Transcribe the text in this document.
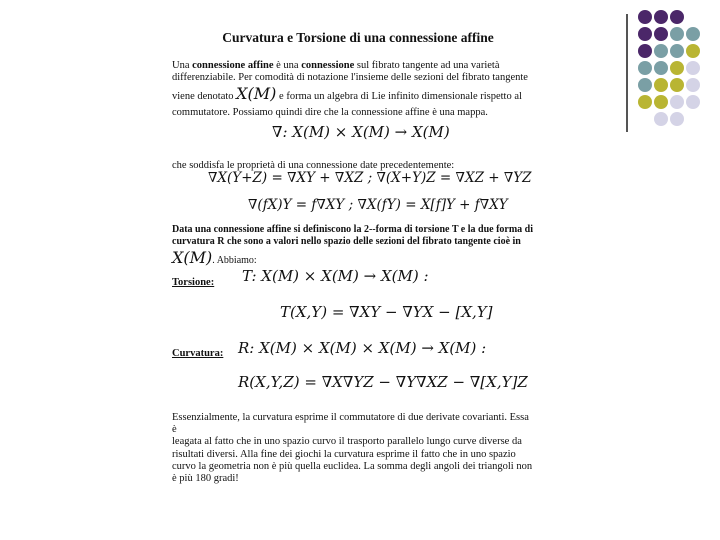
Curvatura e Torsione di una connessione affine

Una connessione affine è una connessione sul fibrato tangente ad una varietà

differenziabile. Per comodità di notazione l'insieme delle sezioni del fibrato tangente

viene denotato X(M) e forma un algebra di Lie infinito dimensionale rispetto al

commutatore. Possiamo quindi dire che la connessione affine è una mappa.

∇: X(M) × X(M) → X(M)
che soddisfa le proprietà di una connessione date precedentemente:
∇X(Y+Z) = ∇XY + ∇XZ ; ∇(X+Y)Z = ∇XZ + ∇YZ
∇(fX)Y = f∇XY ; ∇X(fY) = X[f]Y + f∇XY

Data una connessione affine si definiscono la 2--forma di torsione T e la due forma di

curvatura R che sono a valori nello spazio delle sezioni del fibrato tangente cioè in

X(M). Abbiamo:

Torsione: T: X(M) × X(M) → X(M) :
T(X,Y) = ∇XY − ∇YX − [X,Y]
Curvatura: R: X(M) × X(M) × X(M) → X(M) :
R(X,Y,Z) = ∇X∇YZ − ∇Y∇XZ − ∇[X,Y]Z

Essenzialmente, la curvatura esprime il commutatore di due derivate covarianti. Essa

è

leagata al fatto che in uno spazio curvo il trasporto parallelo lungo curve diverse da

risultati diversi. Alla fine dei giochi la curvatura esprime il fatto che in uno spazio

curvo la geometria non è più quella euclidea. La somma degli angoli dei triangoli non

è più 180 gradi!
